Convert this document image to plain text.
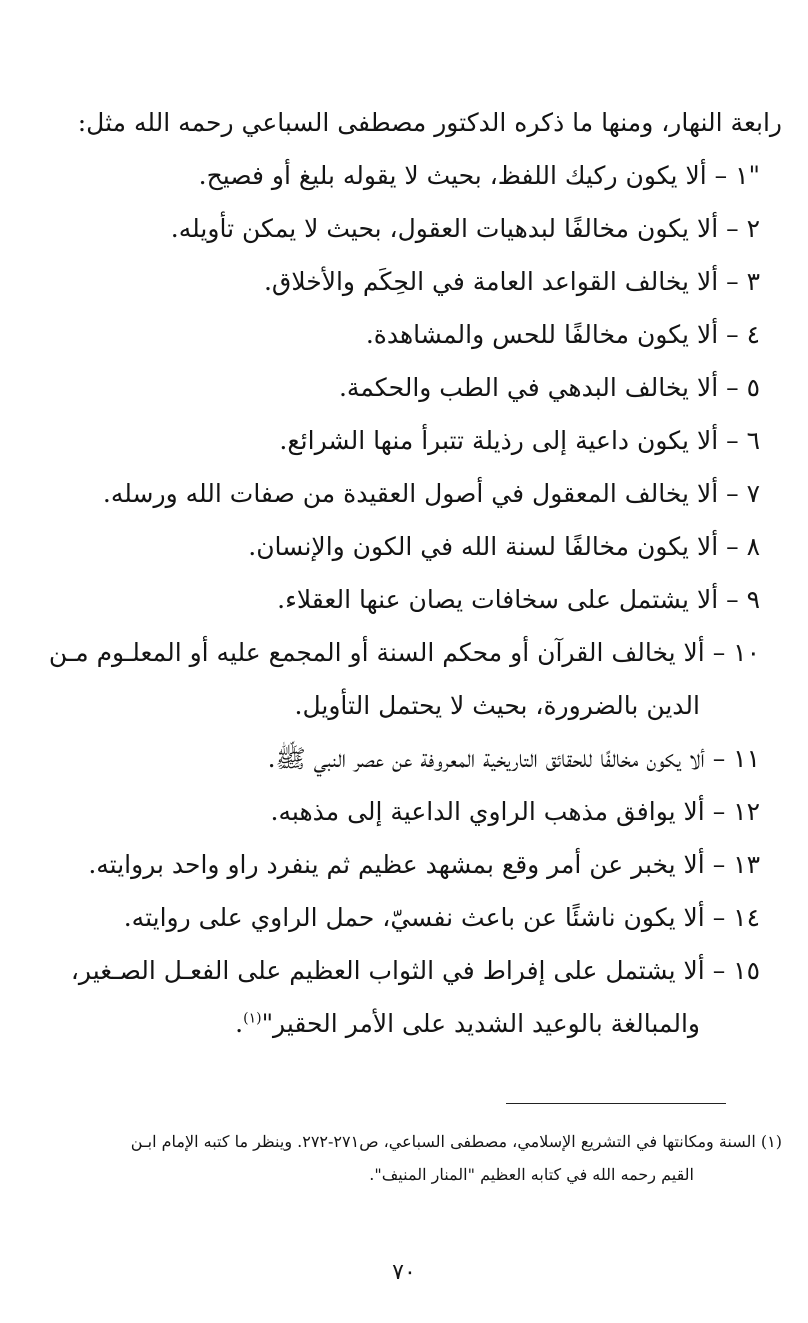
رابعة النهار، ومنها ما ذكره الدكتور مصطفى السباعي رحمه الله مثل:
"١ – ألا يكون ركيك اللفظ، بحيث لا يقوله بليغ أو فصيح.
٢ – ألا يكون مخالفًا لبدهيات العقول، بحيث لا يمكن تأويله.
٣ – ألا يخالف القواعد العامة في الحِكَم والأخلاق.
٤ – ألا يكون مخالفًا للحس والمشاهدة.
٥ – ألا يخالف البدهي في الطب والحكمة.
٦ – ألا يكون داعية إلى رذيلة تتبرأ منها الشرائع.
٧ – ألا يخالف المعقول في أصول العقيدة من صفات الله ورسله.
٨ – ألا يكون مخالفًا لسنة الله في الكون والإنسان.
٩ – ألا يشتمل على سخافات يصان عنها العقلاء.
١٠ – ألا يخالف القرآن أو محكم السنة أو المجمع عليه أو المعلـوم مـن
الدين بالضرورة، بحيث لا يحتمل التأويل.
١١ – ألا يكون مخالفًا للحقائق التاريخية المعروفة عن عصر النبي ﷺ.
١٢ – ألا يوافق مذهب الراوي الداعية إلى مذهبه.
١٣ – ألا يخبر عن أمر وقع بمشهد عظيم ثم ينفرد راو واحد بروايته.
١٤ – ألا يكون ناشئًا عن باعث نفسيّ، حمل الراوي على روايته.
١٥ – ألا يشتمل على إفراط في الثواب العظيم على الفعـل الصـغير،
والمبالغة بالوعيد الشديد على الأمر الحقير"$^{(١)}$.
(١) السنة ومكانتها في التشريع الإسلامي، مصطفى السباعي، ص٢٧١-٢٧٢. وينظر ما كتبه الإمام ابـن
القيم رحمه الله في كتابه العظيم "المنار المنيف".
٧٠
